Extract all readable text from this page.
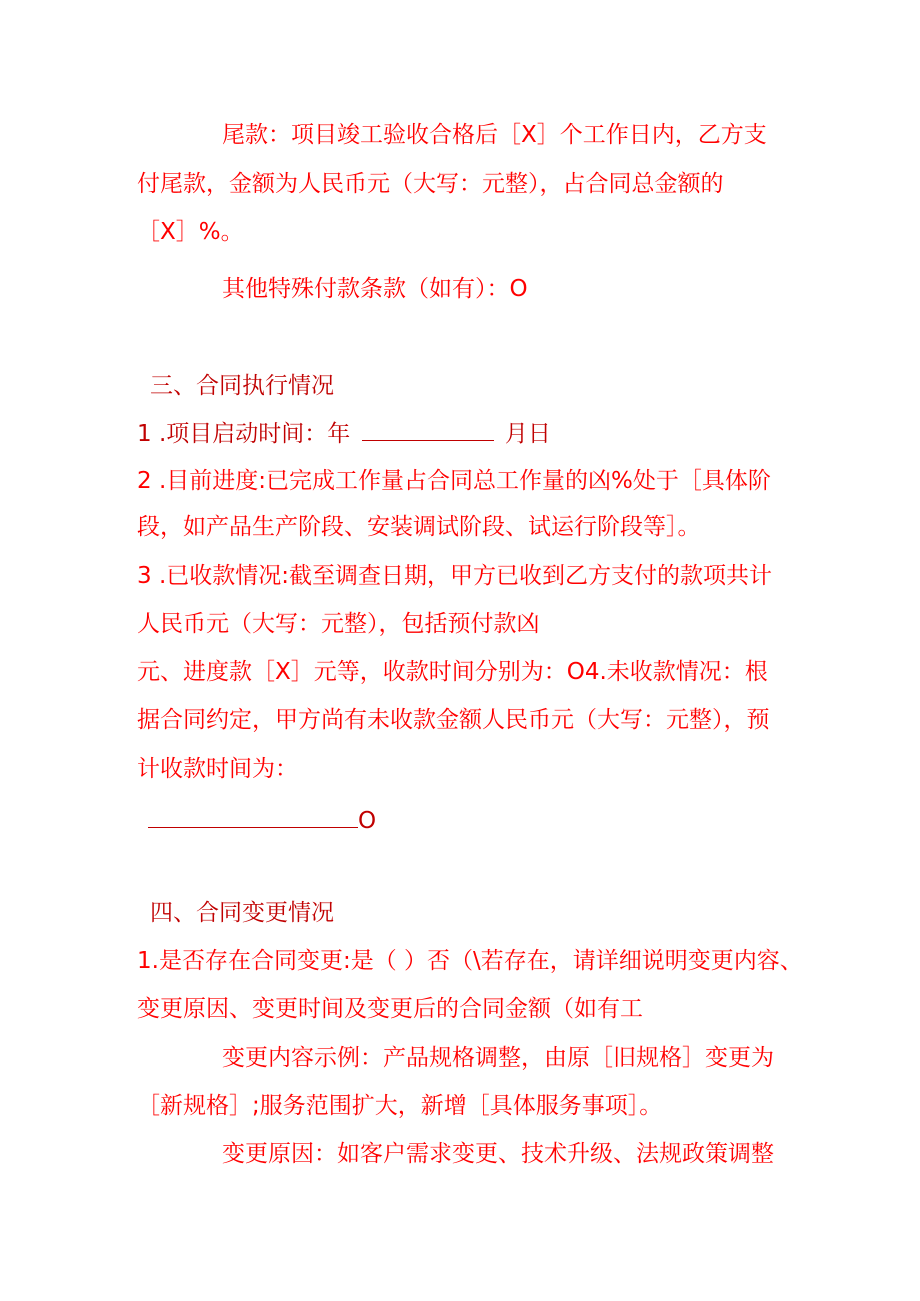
尾款：项目竣工验收合格后［X］个工作日内，乙方支
付尾款，金额为人民币元（大写：元整），占合同总金额的
［X］%。
其他特殊付款条款（如有）：O
三、合同执行情况
1 .项目启动时间：年	月日
2 .目前进度:已完成工作量占合同总工作量的凶%处于［具体阶
段，如产品生产阶段、安装调试阶段、试运行阶段等］。
3 .已收款情况:截至调查日期，甲方已收到乙方支付的款项共计
人民币元（大写：元整），包括预付款凶
元、进度款［X］元等，收款时间分别为：O4.未收款情况：根
据合同约定，甲方尚有未收款金额人民币元（大写：元整），预
计收款时间为：
O
四、合同变更情况
1.是否存在合同变更:是（ ）否（\若存在，请详细说明变更内容、
变更原因、变更时间及变更后的合同金额（如有工
变更内容示例：产品规格调整，由原［旧规格］变更为
［新规格］;服务范围扩大，新增［具体服务事项］。
变更原因：如客户需求变更、技术升级、法规政策调整
